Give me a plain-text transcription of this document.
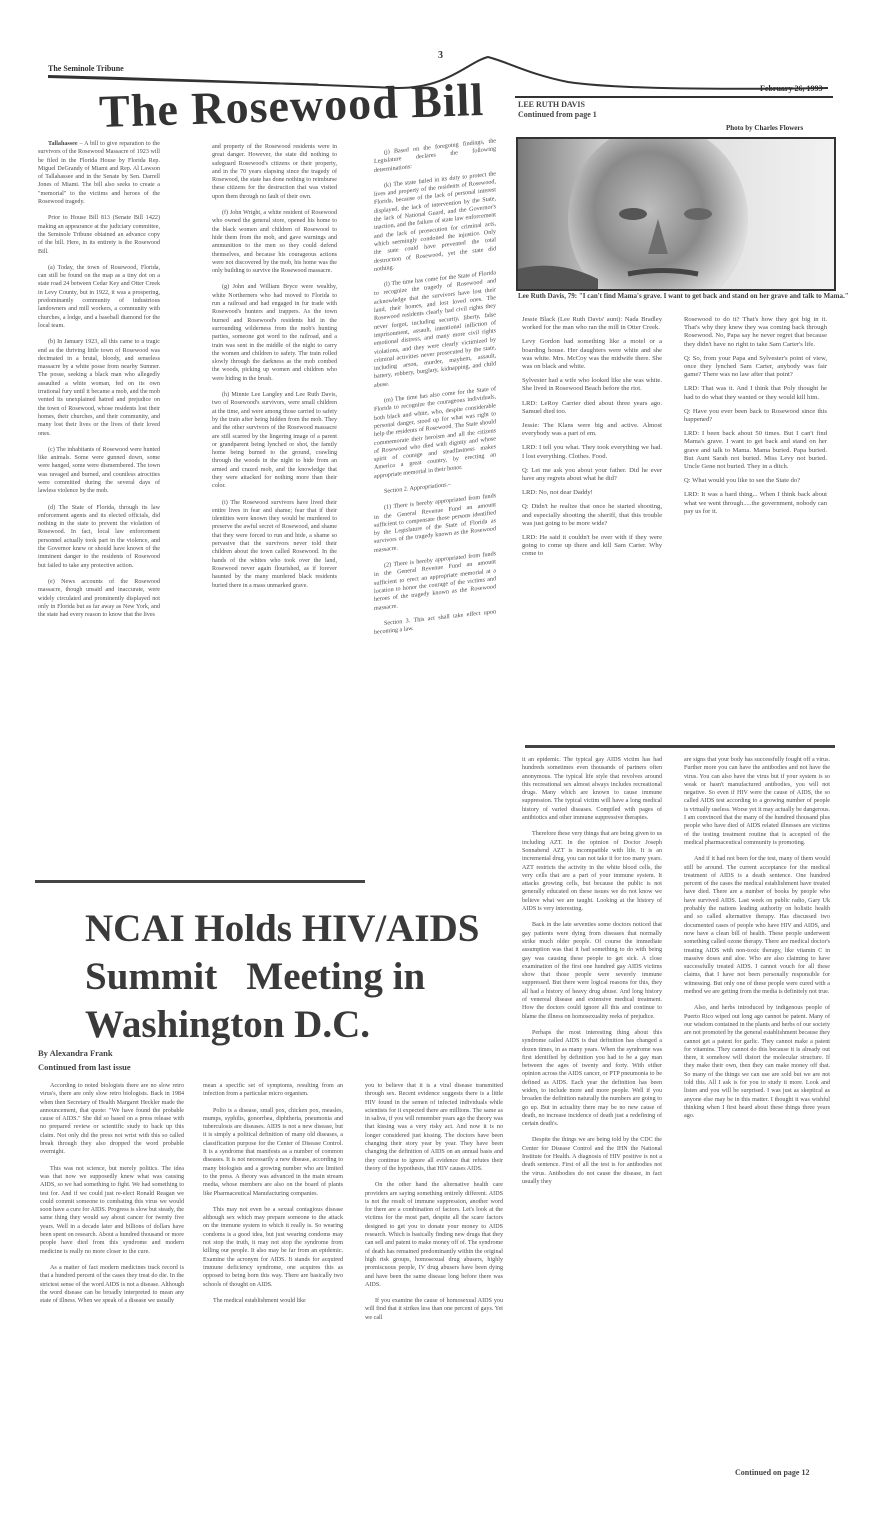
The Seminole Tribune
3
February 26, 1993
The Rosewood Bill

Tallahassee – A bill to give reparation to the survivors of the Rosewood Massacre of 1923 will be filed in the Florida House by Florida Rep. Miguel DeGrandy of Miami and Rep. Al Lawson of Tallahassee and in the Senate by Sen. Darrell Jones of Miami. The bill also seeks to create a "memorial" to the victims and heroes of the Rosewood tragedy.

Prior to House Bill 813 (Senate Bill 1422) making an appearance at the judiciary committee, the Seminole Tribune obtained an advance copy of the bill. Here, in its entirety is the Rosewood Bill.

(a) Today, the town of Rosewood, Florida, can still be found on the map as a tiny dot on a state road 24 between Cedar Key and Otter Creek in Levy County, but in 1922, it was a prospering, predominantly community of industrious landowners and mill workers, a community with churches, a lodge, and a baseball diamond for the local team.

(b) In January 1923, all this came to a tragic end as the thriving little town of Rosewood was decimated in a brutal, bloody, and senseless massacre by a white posse from nearby Sumner. The posse, seeking a black man who allegedly assaulted a white woman, fed on its own irrational fury until it became a mob, and the mob vented its unexplained hatred and prejudice on the town of Rosewood, whose residents lost their homes, their churches, and their community, and many lost their lives or the lives of their loved ones.

(c) The inhabitants of Rosewood were hunted like animals. Some were gunned down, some were hanged, some were dismembered. The town was ravaged and burned, and countless atrocities were committed during the several days of lawless violence by the mob.

(d) The State of Florida, through its law enforcement agents and its elected officials, did nothing in the state to prevent the violation of Rosewood. In fact, local law enforcement personnel actually took part in the violence, and the Governor knew or should have known of the imminent danger to the residents of Rosewood but failed to take any protective action.

(e) News accounts of the Rosewood massacre, though unsaid and inaccurate, were widely circulated and prominently displayed not only in Florida but as far away as New York, and the state had every reason to know that the lives

and property of the Rosewood residents were in great danger. However, the state did nothing to safeguard Rosewood's citizens or their property, and in the 70 years elapsing since the tragedy of Rosewood, the state has done nothing to reimburse these citizens for the destruction that was visited upon them through no fault of their own.

(f) John Wright, a white resident of Rosewood who owned the general store, opened his home to the black women and children of Rosewood to hide them from the mob, and gave warnings and ammunition to the men so they could defend themselves, and because his courageous actions were not discovered by the mob, his home was the only building to survive the Rosewood massacre.

(g) John and William Bryce were wealthy, white Northerners who had moved to Florida to run a railroad and had engaged in fur trade with Rosewood's hunters and trappers. As the town burned and Rosewood's residents hid in the surrounding wilderness from the mob's hunting parties, someone got word to the railroad, and a train was sent in the middle of the night to carry the women and children to safety. The train rolled slowly through the darkness as the mob combed the woods, picking up women and children who were hiding in the brush.

(h) Minnie Lee Langley and Lee Ruth Davis, two of Rosewood's survivors, were small children at the time, and were among those carried to safety by the train after being hidden from the mob. They and the other survivors of the Rosewood massacre are still scarred by the lingering image of a parent or grandparent being lynched or shot, the family home being burned to the ground, crawling through the woods in the night to hide from an armed and crazed mob, and the knowledge that they were attacked for nothing more than their color.

(i) The Rosewood survivors have lived their entire lives in fear and shame; fear that if their identities were known they would be murdered to preserve the awful secret of Rosewood, and shame that they were forced to run and hide, a shame so pervasive that the survivors never told their children about the town called Rosewood. In the hands of the whites who took over the land, Rosewood never again flourished, as if forever haunted by the many murdered black residents buried there in a mass unmarked grave.

(j) Based on the foregoing findings, the Legislature declares the following determinations:

(k) The state failed in its duty to protect the lives and property of the residents of Rosewood, Florida, because of the lack of personal interest displayed, the lack of intervention by the State, the lack of National Guard, and the Governor's inaction, and the failure of state law enforcement and the lack of prosecution for criminal acts, which seemingly condoned the injustice. Only the state could have prevented the total destruction of Rosewood, yet the state did nothing.

(l) The time has come for the State of Florida to recognize the tragedy of Rosewood and acknowledge that the survivors have lost their land, their homes, and lost loved ones. The Rosewood residents clearly had civil rights they never forgot, including security, liberty, false imprisonment, assault, intentional infliction of emotional distress, and many more civil rights violations, and they were clearly victimized by criminal activities never prosecuted by the state, including arson, murder, mayhem, assault, battery, robbery, burglary, kidnapping, and child abuse.

(m) The time has also come for the State of Florida to recognize the courageous individuals, both black and white, who, despite considerable personal danger, stood up for what was right to help the residents of Rosewood. The State should commemorate their heroism and all the citizens of Rosewood who died with dignity and whose spirit of courage and steadfastness makes America a great country, by erecting an appropriate memorial in their honor.

Section 2. Appropriations.–

(1) There is hereby appropriated from funds in the General Revenue Fund an amount sufficient to compensate those persons identified by the Legislature of the State of Florida as survivors of the tragedy known as the Rosewood massacre.

(2) There is hereby appropriated from funds in the General Revenue Fund an amount sufficient to erect an appropriate memorial at a location to honor the courage of the victims and heroes of the tragedy known as the Rosewood massacre.

Section 3. This act shall take effect upon becoming a law.

LEE RUTH DAVIS
Continued from page 1
Photo by Charles Flowers
Lee Ruth Davis, 79: "I can't find Mama's grave. I want to get back and stand on her grave and talk to Mama."

Jessie Black (Lee Ruth Davis' aunt): Nada Bradley worked for the man who ran the mill in Otter Creek.

Levy Gordon had something like a motel or a boarding house. Her daughters were white and she was white. Mrs. McCoy was the midwife there. She was on black and white.

Sylvester had a wife who looked like she was white. She lived in Rosewood Beach before the riot.

LRD: LeRoy Carrier died about three years ago. Samuel died too.

Jessie: The Klans were big and active. Almost everybody was a part of em.

LRD: I tell you what. They took everything we had. I lost everything. Clothes. Food.

Q: Let me ask you about your father. Did he ever have any regrets about what he did?

LRD: No, not dear Daddy!

Q: Didn't he realize that once he started shooting, and especially shooting the sheriff, that this trouble was just going to be more wide?

LRD: He said it couldn't be over with if they were going to come up there and kill Sam Carter. Why come to

Rosewood to do it? That's how they got big in it. That's why they knew they was coming back through Rosewood. No, Papa say he never regret that because they didn't have no right to take Sam Carter's life.

Q: So, from your Papa and Sylvester's point of view, once they lynched Sam Carter, anybody was fair game? There was no law after that point?

LRD: That was it. And I think that Poly thought he had to do what they wanted or they would kill him.

Q: Have you ever been back to Rosewood since this happened?

LRD: I been back about 50 times. But I can't find Mama's grave. I want to get back and stand on her grave and talk to Mama. Mama buried. Papa buried. But Aunt Sarah not buried. Miss Levy not buried. Uncle Gene not buried. They in a ditch.

Q: What would you like to see the State do?

LRD: It was a hard thing... When I think back about what we went through.....the government, nobody can pay us for it.

NCAI Holds HIV/AIDS
Summit   Meeting in
Washington D.C.
By Alexandra Frank
Continued from last issue

According to noted biologists there are no slow retro virus's, there are only slow retro biologists. Back in 1984 when then Secretary of Health Margaret Heckler made the announcement, that quote: "We have found the probable cause of AIDS." She did so based on a press release with no prepared review or scientific study to back up this claim. Not only did the press not wrist with this so called break through they also dropped the word probable overnight.

This was not science, but merely politics. The idea was that now we supposedly knew what was causing AIDS, so we had something to fight. We had something to test for. And if we could just re-elect Ronald Reagan we could commit someone to combating this virus we would soon have a cure for AIDS. Progress is slow but steady, the same thing they would say about cancer for twenty five years. Well in a decade later and billions of dollars have been spent on research. About a hundred thousand or more people have died from this syndrome and modern medicine is really no more closer to the cure.

As a matter of fact modern medicines track record is that a hundred percent of the cases they treat do die. In the strictest sense of the word AIDS is not a disease. Although the word disease can be broadly interpreted to mean any state of illness. When we speak of a disease we usually

mean a specific set of symptoms, resulting from an infection from a particular micro organism.

Polio is a disease, small pox, chicken pox, measles, mumps, syphilis, gonorrhea, diphtheria, pneumonia and tuberculosis are diseases. AIDS is not a new disease, but it is simply a political definition of many old diseases, a classification purpose for the Center of Disease Control. It is a syndrome that manifests as a number of common diseases. It is not necessarily a new disease, according to many biologists and a growing number who are limited to the press. A theory was advanced in the main stream media, whose members are also on the board of plants like Pharmaceutical Manufacturing companies.

This may not even be a sexual contagious disease although sex which may prepare someone to the attack on the immune system to which it really is. So wearing condoms is a good idea, but just wearing condoms may not stop the truth, it may not stop the syndrome from killing our people. It also may be far from an epidemic. Examine the acronym for AIDS. It stands for acquired immune deficiency syndrome, one acquires this as opposed to being born this way. There are basically two schools of thought on AIDS.

The medical establishment would like

you to believe that it is a viral disease transmitted through sex. Recent evidence suggests there is a little HIV found in the semen of infected individuals while scientists for it expected there are millions. The same as in saliva, if you will remember years ago the theory was that kissing was a very risky act. And now it is no longer considered just kissing. The doctors have been changing their story year by year. They have been changing the definition of AIDS on an annual basis and they continue to ignore all evidence that refutes their theory of the hypothesis, that HIV causes AIDS.

On the other hand the alternative health care providers are saying something entirely different. AIDS is not the result of immune suppression, another word for there are a combination of factors. Let's look at the victims for the most part, despite all the scare factors designed to get you to donate your money to AIDS research. Which is basically finding new drugs that they can sell and patent to make money off of. The syndrome of death has remained predominantly within the original high risk groups, homosexual drug abusers, highly promiscuous people, IV drug abusers have been dying and have been the same disease long before there was AIDS.

If you examine the cause of homosexual AIDS you will find that it strikes less than one percent of gays. Yet we call

it an epidemic. The typical gay AIDS victim has had hundreds sometimes even thousands of partners often anonymous. The typical life style that revolves around this recreational sex almost always includes recreational drugs. Many which are known to cause immune suppression. The typical victim will have a long medical history of varied diseases. Compiled with pages of antibiotics and other immune suppressive therapies.

Therefore these very things that are being given to us including AZT. In the opinion of Doctor Joseph Sonnabend AZT is incompatible with life. It is an incremental drug, you can not take it for too many years. AZT restricts the activity in the white blood cells, the very cells that are a part of your immune system. It attacks growing cells, but because the public is not generally educated on these issues we do not know we believe what we are taught. Looking at the history of AIDS is very interesting.

Back in the late seventies some doctors noticed that gay patients were dying from diseases that normally strike much older people. Of course the immediate assumption was that it had something to do with being gay was causing these people to get sick. A close examination of the first one hundred gay AIDS victims show that those people were severely immune suppressed. But there were logical reasons for this, they all had a history of heavy drug abuse. And long history of venereal disease and extensive medical treatment. How the doctors could ignore all this and continue to blame the illness on homosexuality reeks of prejudice.

Perhaps the most interesting thing about this syndrome called AIDS is that definition has changed a dozen times, in as many years. When the syndrome was first identified by definition you had to be a gay man between the ages of twenty and forty. With either opinion across the AIDS cancer, or PTP pneumonia to be defined as AIDS. Each year the definition has been widen, to include more and more people. Well if you broaden the definition naturally the numbers are going to go up. But in actuality there may be no new cause of death, no increase incidence of death just a redefining of certain death's.

Despite the things we are being told by the CDC the Center for Disease Control and the IHN the National Institute for Health. A diagnosis of HIV positive is not a death sentence. First of all the test is for antibodies not the virus. Antibodies do not cause the disease, in fact usually they

are signs that your body has successfully fought off a virus. Further more you can have the antibodies and not have the virus. You can also have the virus but if your system is so weak or hasn't manufactured antibodies, you will not negative. So even if HIV were the cause of AIDS, the so called AIDS test according to a growing number of people is virtually useless. Worse yet it may actually be dangerous. I am convinced that the many of the hundred thousand plus people who have died of AIDS related illnesses are victims of the testing treatment routine that is accepted of the medical pharmaceutical community is promoting.

And if it had not been for the test, many of them would still be around. The current acceptance for the medical treatment of AIDS is a death sentence. One hundred percent of the cases the medical establishment have treated have died. There are a number of books by people who have survived AIDS. Last week on public radio, Gary Uk probably the nations leading authority on holistic health and so called alternative therapy. Has discussed two documented cases of people who have HIV and AIDS, and now have a clean bill of health. These people underwent something called ozone therapy. There are medical doctor's treating AIDS with non-toxic therapy, like vitamin C in massive doses and aloe. Who are also claiming to have successfully treated AIDS. I cannot vouch for all these claims, that I have not been personally responsible for witnessing. But only one of these people were cured with a method we are getting from the media is definitely not true.

Also, and herbs introduced by indigenous people of Puerto Rico wiped out long ago cannot be patent. Many of our wisdom contained in the plants and herbs of our society are not promoted by the general establishment because they cannot get a patent for garlic. They cannot make a patent for vitamins. They cannot do this because it is already out there, it somehow will distort the molecular structure. If they make their own, then they can make money off that. So many of the things we can use are sold but we are not told this. All I ask is for you to study it more. Look and listen and you will be surprised. I was just as skeptical as anyone else may be in this matter. I thought it was wishful thinking when I first heard about these things three years ago.

Continued on page 12
